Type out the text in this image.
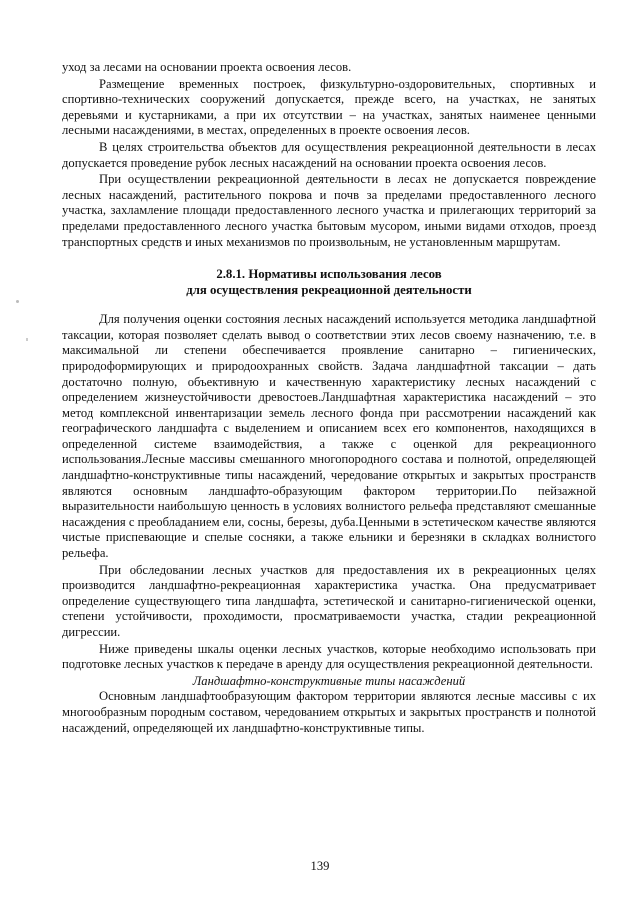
уход за лесами на основании проекта освоения лесов.

Размещение временных построек, физкультурно-оздоровительных, спортивных и спортивно-технических сооружений допускается, прежде всего, на участках, не занятых деревьями и кустарниками, а при их отсутствии – на участках, занятых наименее ценными лесными насаждениями, в местах, определенных в проекте освоения лесов.

В целях строительства объектов для осуществления рекреационной деятельности в лесах допускается проведение рубок лесных насаждений на основании проекта освоения лесов.

При осуществлении рекреационной деятельности в лесах не допускается повреждение лесных насаждений, растительного покрова и почв за пределами предоставленного лесного участка, захламление площади предоставленного лесного участка и прилегающих территорий за пределами предоставленного лесного участка бытовым мусором, иными видами отходов, проезд транспортных средств и иных механизмов по произвольным, не установленным маршрутам.

2.8.1. Нормативы использования лесов
для осуществления рекреационной деятельности

Для получения оценки состояния лесных насаждений используется методика ландшафтной таксации, которая позволяет сделать вывод о соответствии этих лесов своему назначению, т.е. в максимальной ли степени обеспечивается проявление санитарно – гигиенических, природоформирующих и природоохранных свойств. Задача ландшафтной таксации – дать достаточно полную, объективную и качественную характеристику лесных насаждений с определением жизнеустойчивости древостоев.Ландшафтная характеристика насаждений – это метод комплексной инвентаризации земель лесного фонда при рассмотрении насаждений как географического ландшафта с выделением и описанием всех его компонентов, находящихся в определенной системе взаимодействия, а также с оценкой для рекреационного использования.Лесные массивы смешанного многопородного состава и полнотой, определяющей ландшафтно-конструктивные типы насаждений, чередование открытых и закрытых пространств являются основным ландшафто-образующим фактором территории.По пейзажной выразительности наибольшую ценность в условиях волнистого рельефа представляют смешанные насаждения с преобладанием ели, сосны, березы, дуба.Ценными в эстетическом качестве являются чистые приспевающие и спелые сосняки, а также ельники и березняки в складках волнистого рельефа.

При обследовании лесных участков для предоставления их в рекреационных целях производится ландшафтно-рекреационная характеристика участка. Она предусматривает определение существующего типа ландшафта, эстетической и санитарно-гигиенической оценки, степени устойчивости, проходимости, просматриваемости участка, стадии рекреационной дигрессии.

Ниже приведены шкалы оценки лесных участков, которые необходимо использовать при подготовке лесных участков к передаче в аренду для осуществления рекреационной деятельности.

Ландшафтно-конструктивные типы насаждений

Основным ландшафтообразующим фактором территории являются лесные массивы с их многообразным породным составом, чередованием открытых и закрытых пространств и полнотой насаждений, определяющей их ландшафтно-конструктивные типы.

139
